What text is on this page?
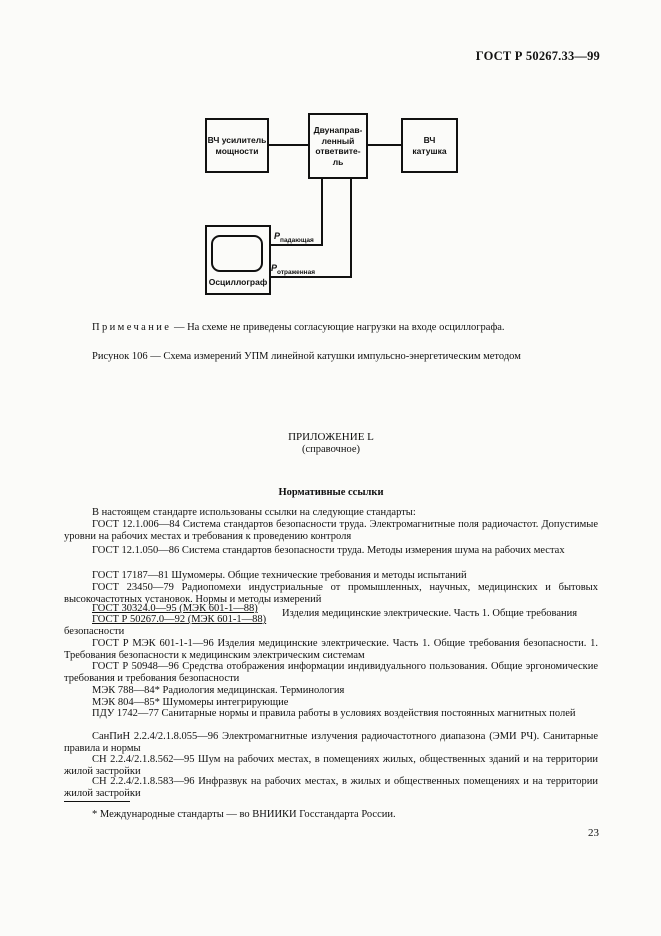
ГОСТ Р 50267.33—99
ВЧ усилитель
мощности
Двунаправ-
ленный
ответвите-
ль
ВЧ
катушка
Осциллограф
$P_{падающая}$
$P_{отраженная}$
Примечание — На схеме не приведены согласующие нагрузки на входе осциллографа.
Рисунок 106 — Схема измерений УПМ линейной катушки импульсно-энергетическим методом
ПРИЛОЖЕНИЕ L
(справочное)
Нормативные ссылки
В настоящем стандарте использованы ссылки на следующие стандарты:
ГОСТ 12.1.006—84 Система стандартов безопасности труда. Электромагнитные поля радиочастот. Допустимые уровни на рабочих местах и требования к проведению контроля
ГОСТ 12.1.050—86 Система стандартов безопасности труда. Методы измерения шума на рабочих местах
ГОСТ 17187—81 Шумомеры. Общие технические требования и методы испытаний
ГОСТ 23450—79 Радиопомехи индустриальные от промышленных, научных, медицинских и бытовых высокочастотных установок. Нормы и методы измерений
ГОСТ 30324.0—95 (МЭК 601-1—88)
ГОСТ Р 50267.0—92 (МЭК 601-1—88)
Изделия медицинские электрические. Часть 1. Общие требования
безопасности
ГОСТ Р МЭК 601-1-1—96 Изделия медицинские электрические. Часть 1. Общие требования безопасности. 1. Требования безопасности к медицинским электрическим системам
ГОСТ Р 50948—96 Средства отображения информации индивидуального пользования. Общие эргономические требования и требования безопасности
МЭК 788—84* Радиология медицинская. Терминология
МЭК 804—85* Шумомеры интегрирующие
ПДУ 1742—77 Санитарные нормы и правила работы в условиях воздействия постоянных магнитных полей
СанПиН 2.2.4/2.1.8.055—96 Электромагнитные излучения радиочастотного диапазона (ЭМИ РЧ). Санитарные правила и нормы
СН 2.2.4/2.1.8.562—95 Шум на рабочих местах, в помещениях жилых, общественных зданий и на территории жилой застройки
СН 2.2.4/2.1.8.583—96 Инфразвук на рабочих местах, в жилых и общественных помещениях и на территории жилой застройки
* Международные стандарты — во ВНИИКИ Госстандарта России.
23
